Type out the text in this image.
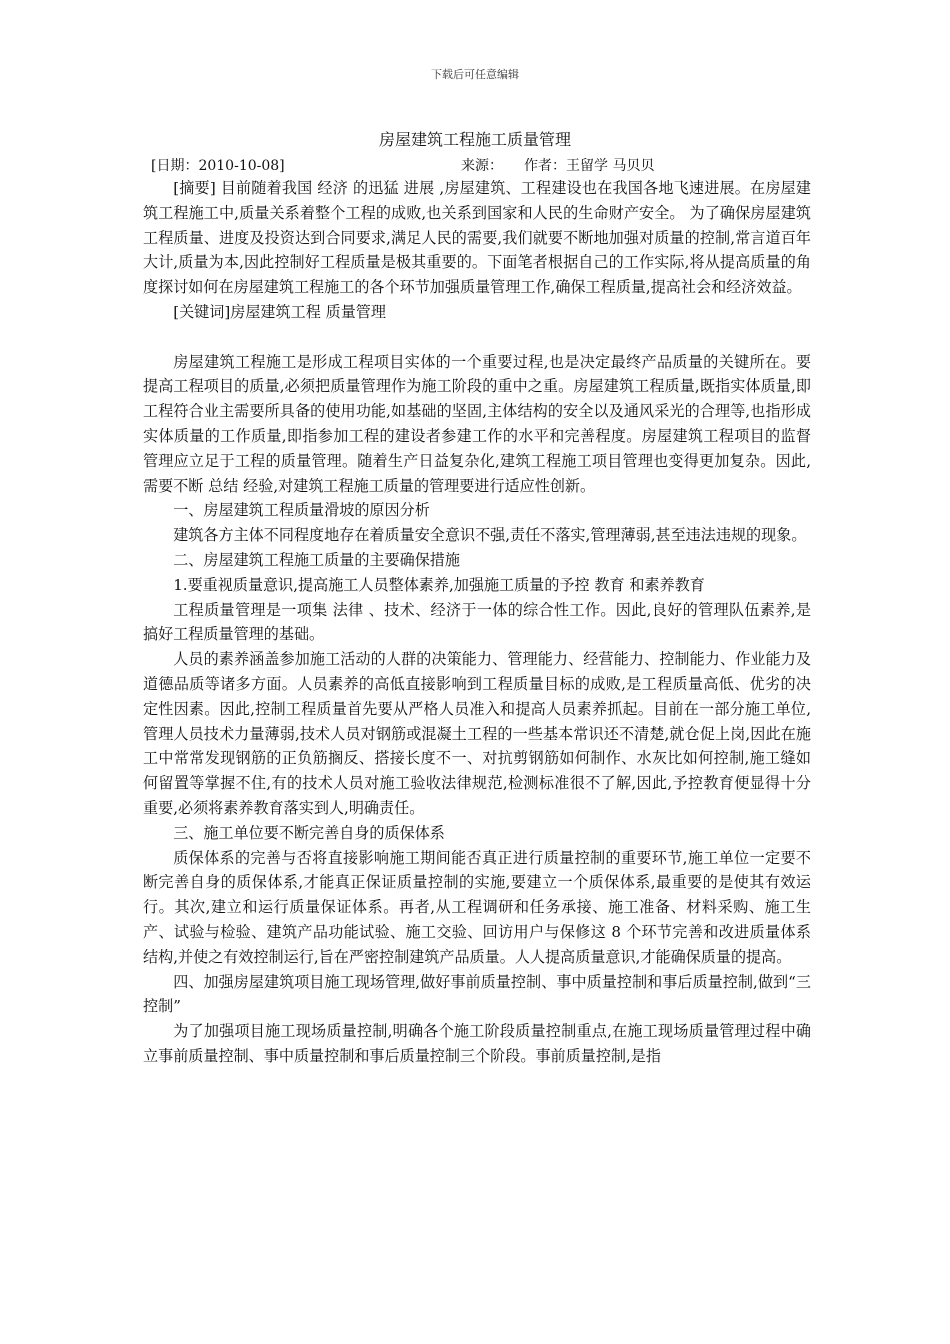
下载后可任意编辑
房屋建筑工程施工质量管理
[日期：2010-10-08]	来源： 作者：王留学 马贝贝

[摘要] 目前随着我国 经济 的迅猛 进展 ,房屋建筑、工程建设也在我国各地飞速进展。在房屋建筑工程施工中,质量关系着整个工程的成败,也关系到国家和人民的生命财产安全。 为了确保房屋建筑工程质量、进度及投资达到合同要求,满足人民的需要,我们就要不断地加强对质量的控制,常言道百年大计,质量为本,因此控制好工程质量是极其重要的。下面笔者根据自己的工作实际,将从提高质量的角度探讨如何在房屋建筑工程施工的各个环节加强质量管理工作,确保工程质量,提高社会和经济效益。

[关键词]房屋建筑工程 质量管理

房屋建筑工程施工是形成工程项目实体的一个重要过程,也是决定最终产品质量的关键所在。要提高工程项目的质量,必须把质量管理作为施工阶段的重中之重。房屋建筑工程质量,既指实体质量,即工程符合业主需要所具备的使用功能,如基础的坚固,主体结构的安全以及通风采光的合理等,也指形成实体质量的工作质量,即指参加工程的建设者参建工作的水平和完善程度。房屋建筑工程项目的监督管理应立足于工程的质量管理。随着生产日益复杂化,建筑工程施工项目管理也变得更加复杂。因此,需要不断 总结 经验,对建筑工程施工质量的管理要进行适应性创新。

一、房屋建筑工程质量滑坡的原因分析

建筑各方主体不同程度地存在着质量安全意识不强,责任不落实,管理薄弱,甚至违法违规的现象。

二、房屋建筑工程施工质量的主要确保措施

1.要重视质量意识,提高施工人员整体素养,加强施工质量的予控 教育 和素养教育

工程质量管理是一项集 法律 、技术、经济于一体的综合性工作。因此,良好的管理队伍素养,是搞好工程质量管理的基础。

人员的素养涵盖参加施工活动的人群的决策能力、管理能力、经营能力、控制能力、作业能力及道德品质等诸多方面。人员素养的高低直接影响到工程质量目标的成败,是工程质量高低、优劣的决定性因素。因此,控制工程质量首先要从严格人员准入和提高人员素养抓起。目前在一部分施工单位,管理人员技术力量薄弱,技术人员对钢筋或混凝土工程的一些基本常识还不清楚,就仓促上岗,因此在施工中常常发现钢筋的正负筋搁反、搭接长度不一、对抗剪钢筋如何制作、水灰比如何控制,施工缝如何留置等掌握不住,有的技术人员对施工验收法律规范,检测标准很不了解,因此,予控教育便显得十分重要,必须将素养教育落实到人,明确责任。

三、施工单位要不断完善自身的质保体系

质保体系的完善与否将直接影响施工期间能否真正进行质量控制的重要环节,施工单位一定要不断完善自身的质保体系,才能真正保证质量控制的实施,要建立一个质保体系,最重要的是使其有效运行。其次,建立和运行质量保证体系。再者,从工程调研和任务承接、施工准备、材料采购、施工生产、试验与检验、建筑产品功能试验、施工交验、回访用户与保修这 8 个环节完善和改进质量体系结构,并使之有效控制运行,旨在严密控制建筑产品质量。人人提高质量意识,才能确保质量的提高。

四、加强房屋建筑项目施工现场管理,做好事前质量控制、事中质量控制和事后质量控制,做到“三控制”

为了加强项目施工现场质量控制,明确各个施工阶段质量控制重点,在施工现场质量管理过程中确立事前质量控制、事中质量控制和事后质量控制三个阶段。事前质量控制,是指
